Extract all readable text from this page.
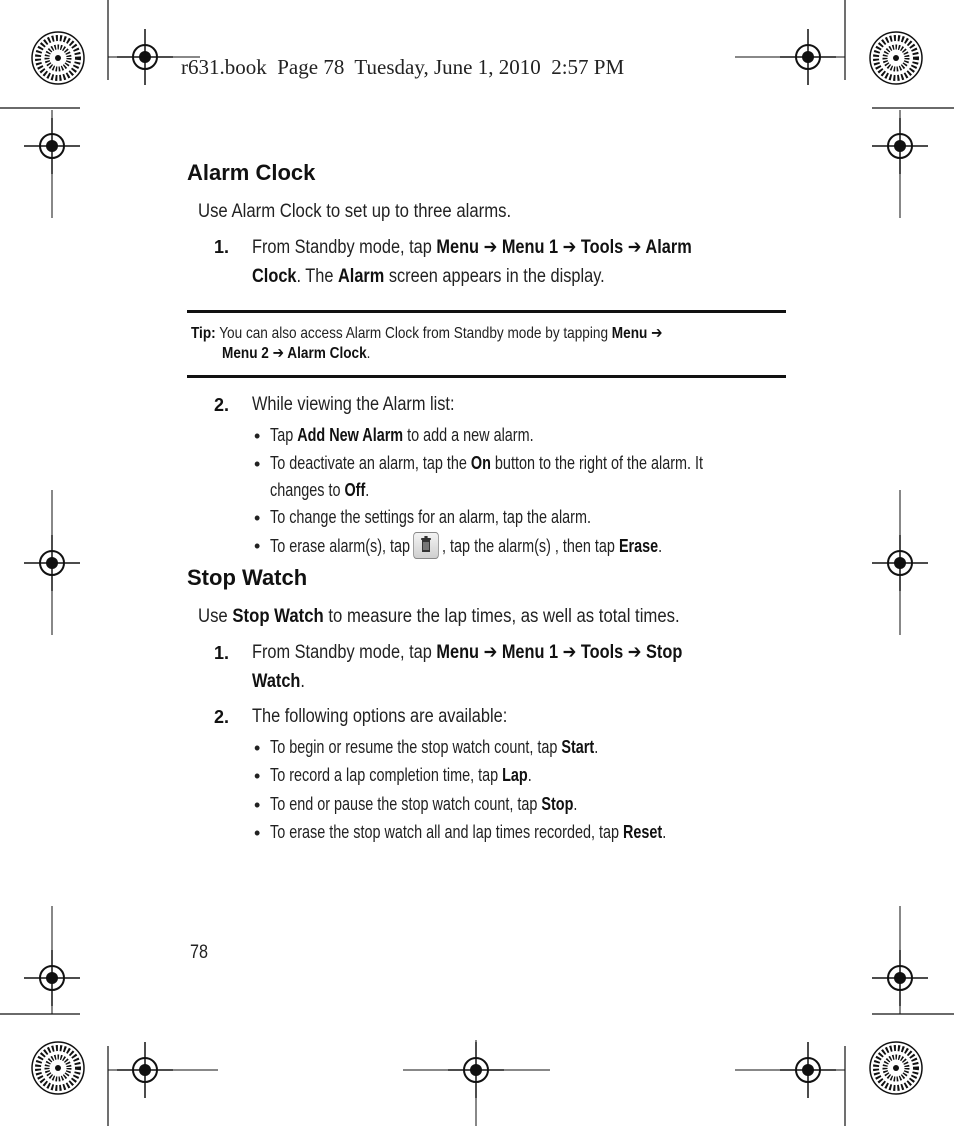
r631.book  Page 78  Tuesday, June 1, 2010  2:57 PM
Alarm Clock
Use Alarm Clock to set up to three alarms.
1. From Standby mode, tap Menu ➔ Menu 1 ➔ Tools ➔ Alarm
Clock. The Alarm screen appears in the display.
Tip: You can also access Alarm Clock from Standby mode by tapping Menu ➔
Menu 2 ➔ Alarm Clock.
2. While viewing the Alarm list:
• Tap Add New Alarm to add a new alarm.
• To deactivate an alarm, tap the On button to the right of the alarm. It
changes to Off.
• To change the settings for an alarm, tap the alarm.
• To erase alarm(s), tap , tap the alarm(s) , then tap Erase.
Stop Watch
Use Stop Watch to measure the lap times, as well as total times.
1. From Standby mode, tap Menu ➔ Menu 1 ➔ Tools ➔ Stop
Watch.
2. The following options are available:
• To begin or resume the stop watch count, tap Start.
• To record a lap completion time, tap Lap.
• To end or pause the stop watch count, tap Stop.
• To erase the stop watch all and lap times recorded, tap Reset.
78
